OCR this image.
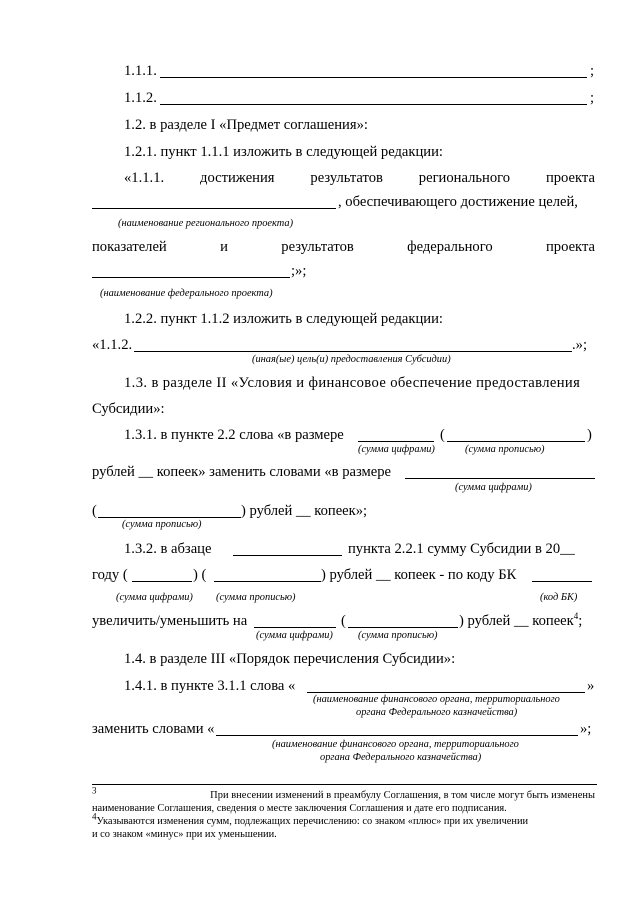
1.1.1.	;
1.1.2.	;
1.2. в разделе I «Предмет соглашения»:
1.2.1. пункт 1.1.1 изложить в следующей редакции:
«1.1.1. достижения результатов регионального проекта
, обеспечивающего достижение целей,
(наименование регионального проекта)
показателей	и	результатов	федерального	проекта
;»;
(наименование федерального проекта)
1.2.2. пункт 1.1.2 изложить в следующей редакции:
«1.1.2.	.»;
(иная(ые) цель(и) предоставления Субсидии)
1.3. в разделе II «Условия и финансовое обеспечение предоставления
Субсидии»:
1.3.1. в пункте 2.2 слова «в размере	(	)
(сумма цифрами)	(сумма прописью)
рублей __ копеек» заменить словами «в размере
(сумма цифрами)
(	) рублей __ копеек»;
(сумма прописью)
1.3.2. в абзаце	пункта 2.2.1 сумму Субсидии в 20__
году (	) (	) рублей __ копеек - по коду БК
(сумма цифрами) (сумма прописью)	(код БК)
увеличить/уменьшить на	(	) рублей __ копеек$^4$;
(сумма цифрами) (сумма прописью)
1.4. в разделе III «Порядок перечисления Субсидии»:
1.4.1. в пункте 3.1.1 слова «	»
(наименование финансового органа, территориального
органа Федерального казначейства)
заменить словами «	»;
(наименование финансового органа, территориального
органа Федерального казначейства)
$^3$	При внесении изменений в преамбулу Соглашения, в том числе могут быть изменены
наименование Соглашения, сведения о месте заключения Соглашения и дате его подписания.
$^4$Указываются изменения сумм, подлежащих перечислению: со знаком «плюс» при их увеличении
и со знаком «минус» при их уменьшении.
